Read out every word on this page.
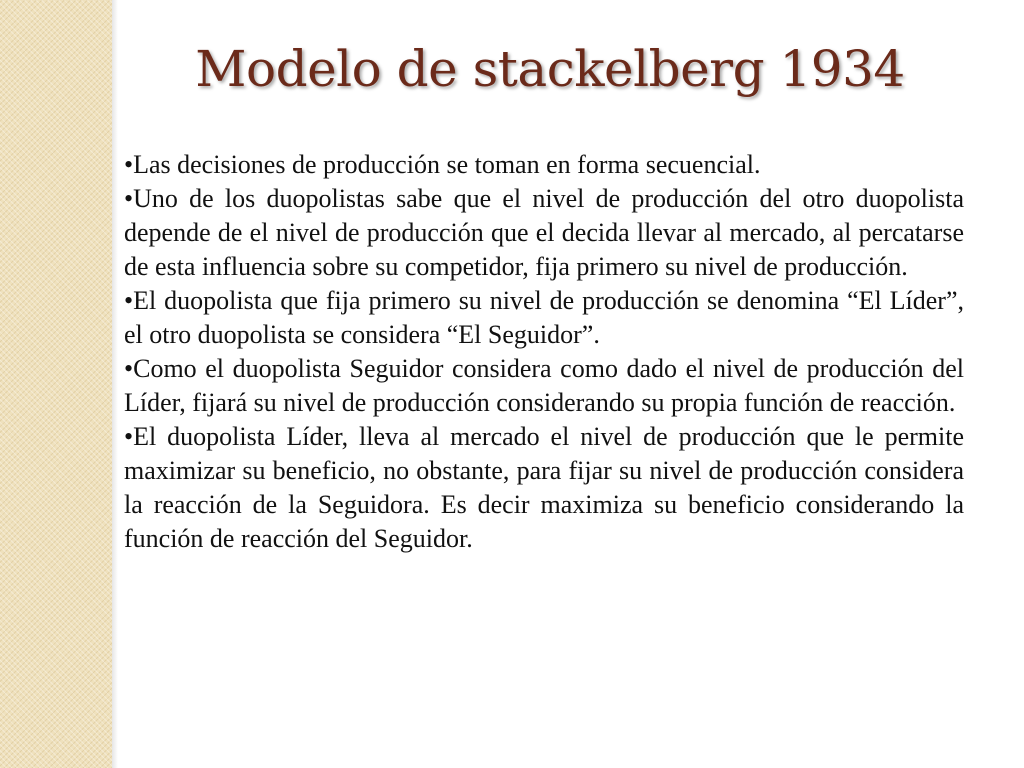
Modelo de stackelberg 1934

•Las decisiones de producción se toman en forma secuencial.

•Uno de los duopolistas sabe que el nivel de producción del otro duopolista depende de el nivel de producción que el decida llevar al mercado, al percatarse de esta influencia sobre su competidor, fija primero su nivel de producción.

•El duopolista que fija primero su nivel de producción se denomina “El Líder”, el otro duopolista se considera “El Seguidor”.

•Como el duopolista Seguidor considera como dado el nivel de producción del Líder, fijará su nivel de producción considerando su propia función de reacción.

•El duopolista Líder, lleva al mercado el nivel de producción que le permite maximizar su beneficio, no obstante, para fijar su nivel de producción considera la reacción de la Seguidora. Es decir maximiza su beneficio considerando la función de reacción del Seguidor.
